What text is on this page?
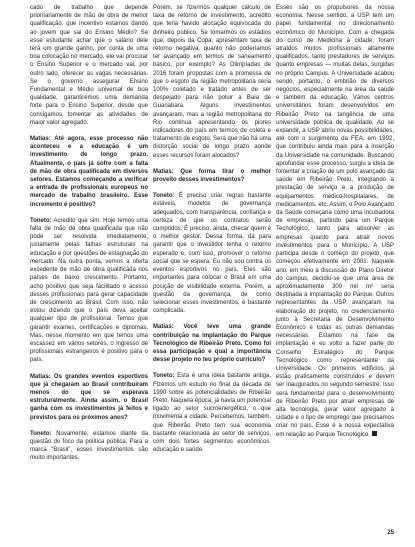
cado de trabalho que depende prioritariamente de mão de obra de menor qualificação, que incentivo estamos dando ao jovem que sai do Ensino Médio? Se esse estudante achar que o salário dele terá um grande ganho, por conta de uma boa colocação no mercado, ele vai procurar o Ensino Superior e o mercado vai, por outro lado, oferecer as vagas necessárias. Se o governo assegurar Ensino Fundamental e Médio universal de boa qualidade, garantiremos uma demanda forte para o Ensino Superior, desde que consigamos fomentar as atividades de maior valor agregado.

Matias: Até agora, esse processo não aconteceu e a educação é um investimento de longo prazo. Atualmente, o país já sofre com a falta de mão de obra qualificada em diversos setores. Estamos começando a verificar a entrada de profissionais europeus no mercado de trabalho brasileiro. Esse incremento é positivo?

Toneto: Acredito que sim. Hoje temos uma falta de mão de obra qualificada que não pode ser resolvida imediatamente, justamente pelas falhas estruturais na educação e por questões de estagnação do mercado. Na outra ponta, vemos a oferta excedente de mão de obra qualificada nos países de baixo crescimento. Portanto, acho positivo que seja facilitado o acesso desses profissionais para gerar capacidade de crescimento ao Brasil. Com isso, não estou dizendo que o país deva aceitar qualquer tipo de profissional. Temos que garantir exames, certificações e diplomas. Mas, nesse momento em que temos uma escassez em vários setores, o ingresso de profissionais estrangeiros é positivo para o país.

Matias: Os grandes eventos esportivos que já chegaram ao Brasil contribuíram menos do que se esperava estruturalmente. Ainda assim, o Brasil ganha com os investimentos já feitos e previstos para os próximos anos?

Toneto: Novamente, estamos diante da questão do foco da política pública. Para a marca “Brasil”, esses investimentos são muito importantes.

Porém, se fizermos qualquer cálculo de taxa de retorno de investimento, acredito que teria havido alocação equivocada do dinheiro público. Se tomarmos os estádios que, depois da Copa, apresentam taxa de retorno negativa, quanto não poderíamos ter avançado em termos de saneamento básico, por exemplo? As Olimpíadas de 2016 foram propostas com a promessa de que o esgoto da região metropolitana seria 100% coletado e tratado antes de ser despejado para não poluir a Baía de Guanabara. Alguns investimentos avançaram, mas a região metropolitana do Rio continua apresentando os piores indicadores do país em termos de coleta e tratamento de esgoto. Será que não há uma distorção social de longo prazo aonde esses recursos foram alocados?

Matias: Que forma tirar o melhor proveito desses investimentos?

Toneto: É preciso criar regras bastante estáveis, modelos de governança adequados, com transparência, confiança e certeza de que os contratos serão cumpridos. É preciso, ainda, checar quem é o melhor gestor. Dessa forma, dá para garantir que o investidor tenha o retorno esperado e, com isso, promover o retorno social que se espera. Eu não sou contra os eventos esportivos no país. Eles são importantes para colocar o Brasil em uma posição de visibilidade externa. Porém, a questão da governança, de como selecionar esses investimentos, é bastante complicada.

Matias: Você teve uma grande contribuição na implantação do Parque Tecnológico de Ribeirão Preto. Como foi essa participação e qual a importância desse projeto no teu próprio currículo?

Toneto: Esta é uma ideia bastante antiga. Fizemos um estudo no final da década de 1990 sobre as potencialidades de Ribeirão Preto. Naquela época, já havia um potencial ligado ao setor sucroenergético, o que movimenta a cidade. Percebemos, também, que Ribeirão Preto tem sua economia bastante relacionada ao setor de serviços, com dois fortes segmentos econômicos: educação e saúde.

Esses são os propulsores da nossa economia. Nesse sentido, a USP tem um papel fundamental no direcionamento econômico do Município. Com a chegada do curso de Medicina à cidade, foram atraídos muitos profissionais altamente qualificados, tanto prestadores de serviços quanto empresas — muitas delas, surgidas no próprio Campus. A Universidade acabou sendo, portanto, o embrião de diversos negócios, especialmente na área da saúde e também da educação. Vários centros universitários foram desenvolvidos em Ribeirão Preto na tangência de uma universidade pública de qualidade. Ao se expandir, a USP abriu novas possibilidades, até com o surgimento da FEA, em 1992, que contribuiu ainda mais para a inserção da Universidade na comunidade. Buscando aprofundar esse processo, surgiu a ideia de fomentar a criação de um polo avançado da saúde em Ribeirão Preto, integrando a prestação de serviço e a produção de equipamentos médico-hospitalares, de medicamentos, etc. Assim, o Polo Avançado da Saúde começaria como uma incubadora de empresas, partindo para um Parque Tecnológico, tanto para absorver as empresas quanto para atrair novos investimentos para o Município. A USP participa desde o começo do projeto, que começou efetivamente em 2001. Naquele ano, em meio à discussão do Plano Diretor do campus, decidiu-se que uma área de aproximadamente 300 mil m² seria destinada à implantação do Parque. Outros representantes da USP avançaram na elaboração do projeto, no credenciamento junto à Secretaria de Desenvolvimento Econômico e todas as outras demandas necessárias. Estamos na fase da implantação e eu volto a fazer parte do Conselho Estratégico do Parque Tecnológico como representante da Universidade. Os primeiros edifícios já estão praticamente construídos e devem ser inaugurados no segundo semestre. Isso será fundamental para o desenvolvimento de Ribeirão Preto por atrair empresas de alta tecnologia, gerar valor agregado à cidade e o tipo de emprego que precisamos criar no país. Esse é a nossa expectativa em relação ao Parque Tecnológico.

25
